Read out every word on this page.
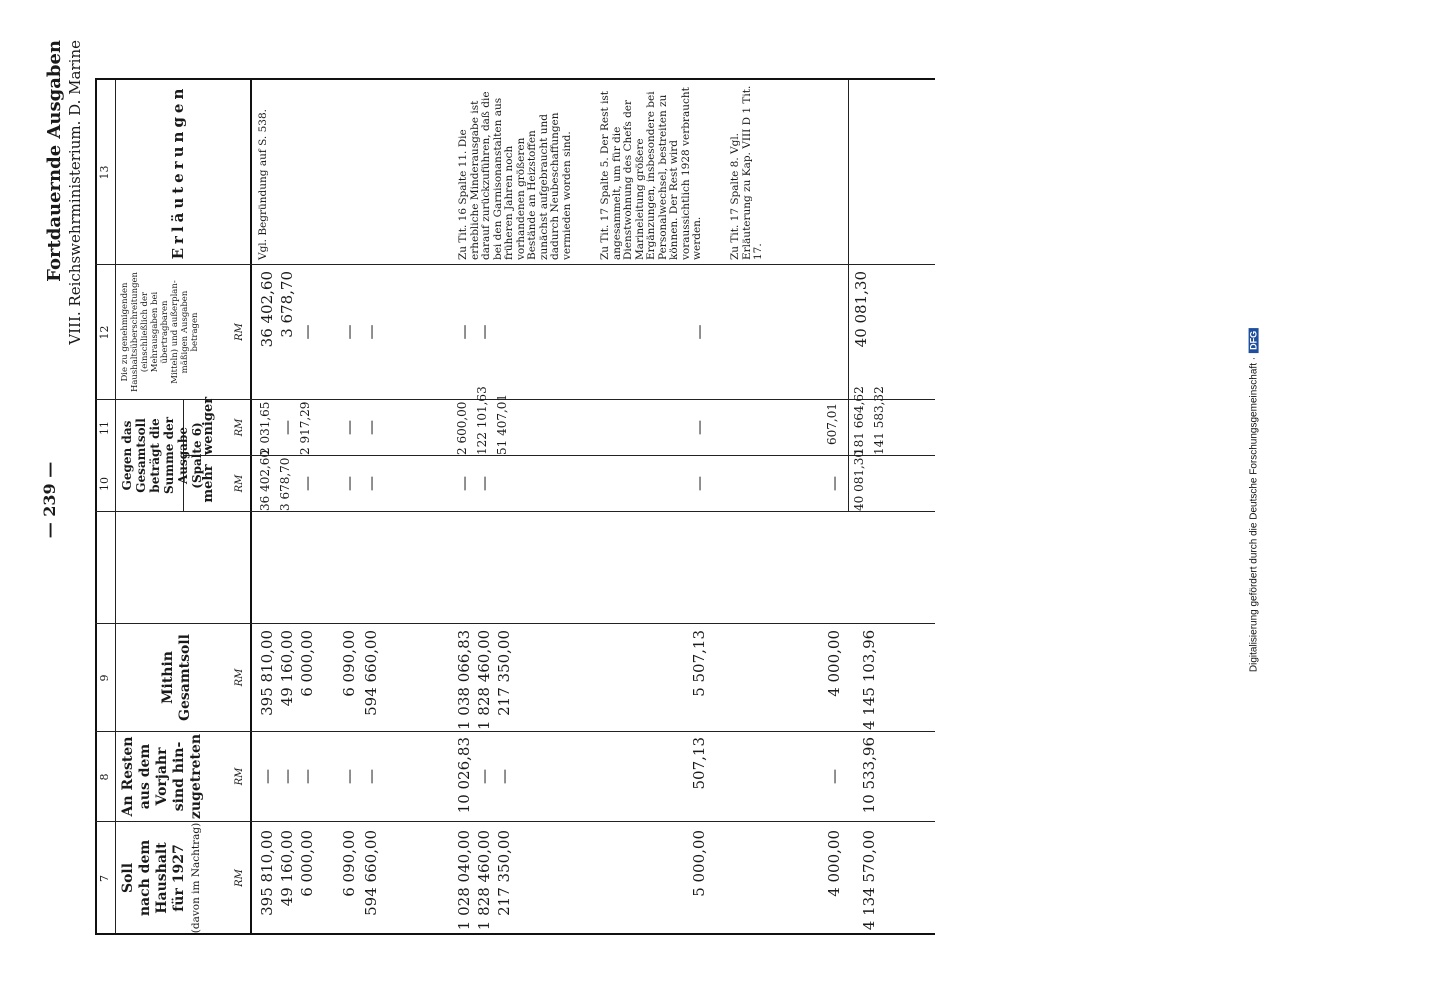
— 239 —
Fortdauernde Ausgaben VIII. Reichswehrministerium. D. Marine
7
8
9
10
11
12
13
Soll nach dem Haushalt für 1927 (davon im Nachtrag)
An Resten aus dem Vorjahr sind hin- zugetreten
Mithin Gesamtsoll
Gegen das Gesamtsoll beträgt die Summe der Ausgabe (Spalte 6)
mehr
weniger
Die zu genehmigenden Haushaltsüberschreitungen (einschließlich der Mehrausgaben bei übertragbaren Mitteln) und außerplan- mäßigen Ausgaben betragen
Erläuterungen
RM
RM
RM
RM
RM
RM
395 810,00
—
395 810,00
36 402,60
2 031,65
36 402,60
49 160,00
—
49 160,00
3 678,70
—
3 678,70
6 000,00
—
6 000,00
—
2 917,29
—
6 090,00
—
6 090,00
—
—
—
594 660,00
—
594 660,00
—
—
—
1 028 040,00
10 026,83
1 038 066,83
—
2 600,00
—
1 828 460,00
—
1 828 460,00
—
122 101,63
—
217 350,00
—
217 350,00
51 407,01
5 000,00
507,13
5 507,13
—
—
—
4 000,00
—
4 000,00
—
607,01
4 134 570,00
10 533,96
4 145 103,96
40 081,30
181 664,62 141 583,32
40 081,30
Vgl. Begründung auf S. 538.	Zu Tit. 16 Spalte 11. Die erhebliche Minderausgabe ist darauf zurückzuführen, daß die bei den Garnisonanstalten aus früheren Jahren noch vorhandenen größeren Bestände an Heizstoffen zunächst aufgebraucht und dadurch Neubeschaffungen vermieden worden sind.	Zu Tit. 17 Spalte 5. Der Rest ist angesammelt, um für die Dienstwohnung des Chefs der Marineleitung größere Ergänzungen, insbesondere bei Personalwechsel, bestreiten zu können. Der Rest wird voraussichtlich 1928 verbraucht werden. Zu Tit. 17 Spalte 8. Vgl. Erläuterung zu Kap. VIII D 1 Tit. 17.
Digitalisierung gefördert durch die Deutsche Forschungsgemeinschaft ·DFG
